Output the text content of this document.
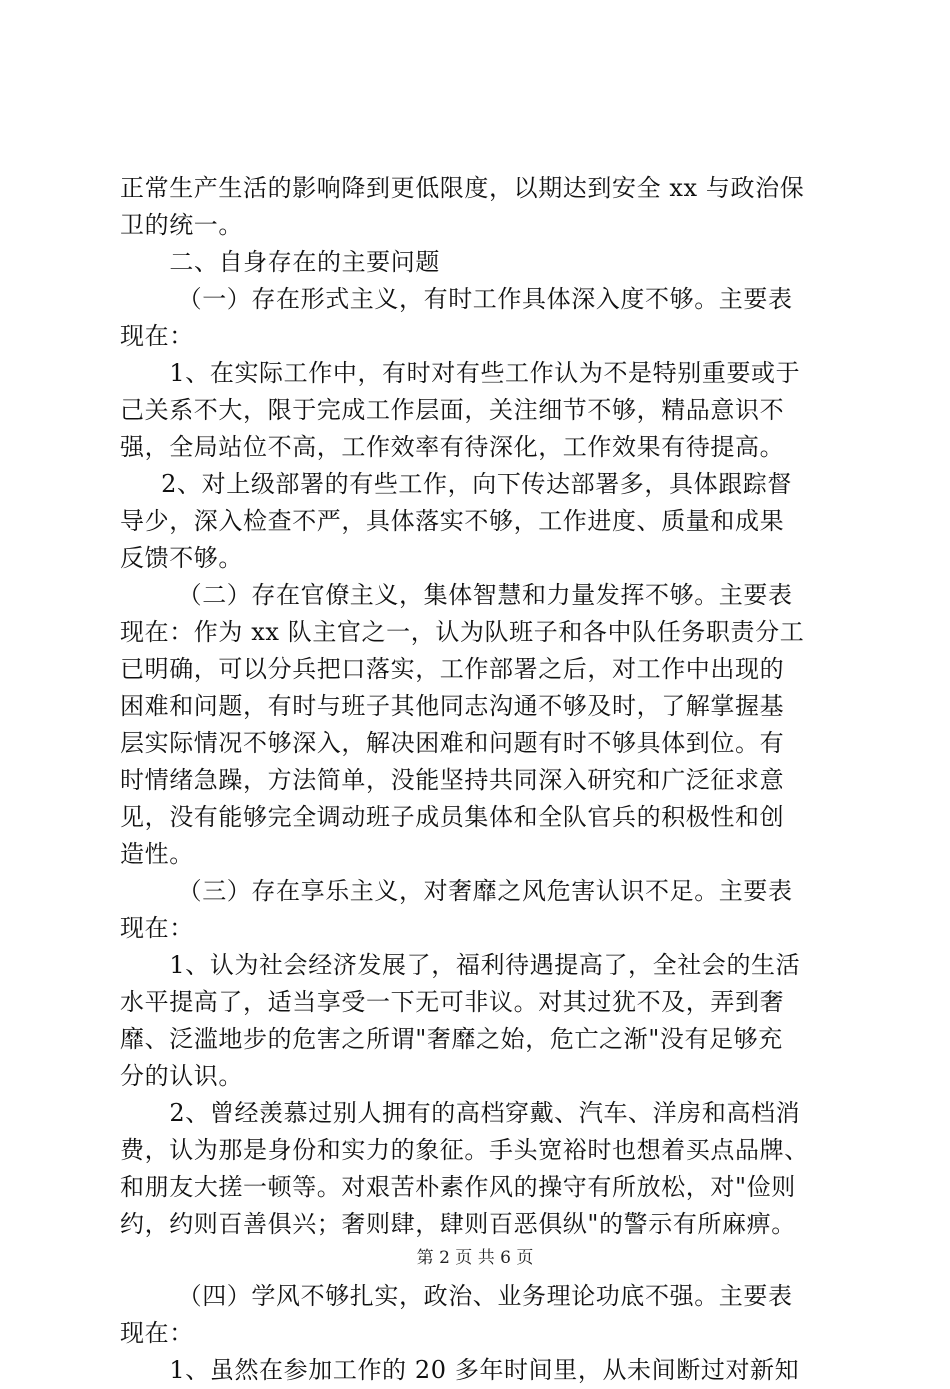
正常生产生活的影响降到更低限度，以期达到安全 xx 与政治保
卫的统一。
二、自身存在的主要问题
（一）存在形式主义，有时工作具体深入度不够。主要表
现在：
1、在实际工作中，有时对有些工作认为不是特别重要或于
己关系不大，限于完成工作层面，关注细节不够，精品意识不
强，全局站位不高，工作效率有待深化，工作效果有待提高。
2、对上级部署的有些工作，向下传达部署多，具体跟踪督
导少，深入检查不严，具体落实不够，工作进度、质量和成果
反馈不够。
（二）存在官僚主义，集体智慧和力量发挥不够。主要表
现在：作为 xx 队主官之一，认为队班子和各中队任务职责分工
已明确，可以分兵把口落实，工作部署之后，对工作中出现的
困难和问题，有时与班子其他同志沟通不够及时，了解掌握基
层实际情况不够深入，解决困难和问题有时不够具体到位。有
时情绪急躁，方法简单，没能坚持共同深入研究和广泛征求意
见，没有能够完全调动班子成员集体和全队官兵的积极性和创
造性。
（三）存在享乐主义，对奢靡之风危害认识不足。主要表
现在：
1、认为社会经济发展了，福利待遇提高了，全社会的生活
水平提高了，适当享受一下无可非议。对其过犹不及，弄到奢
靡、泛滥地步的危害之所谓"奢靡之始，危亡之渐"没有足够充
分的认识。
2、曾经羡慕过别人拥有的高档穿戴、汽车、洋房和高档消
费，认为那是身份和实力的象征。手头宽裕时也想着买点品牌、
和朋友大搓一顿等。对艰苦朴素作风的操守有所放松，对"俭则
约，约则百善俱兴；奢则肆，肆则百恶俱纵"的警示有所麻痹。
（四）学风不够扎实，政治、业务理论功底不强。主要表
现在：
1、虽然在参加工作的 20 多年时间里，从未间断过对新知
第 2 页 共 6 页
